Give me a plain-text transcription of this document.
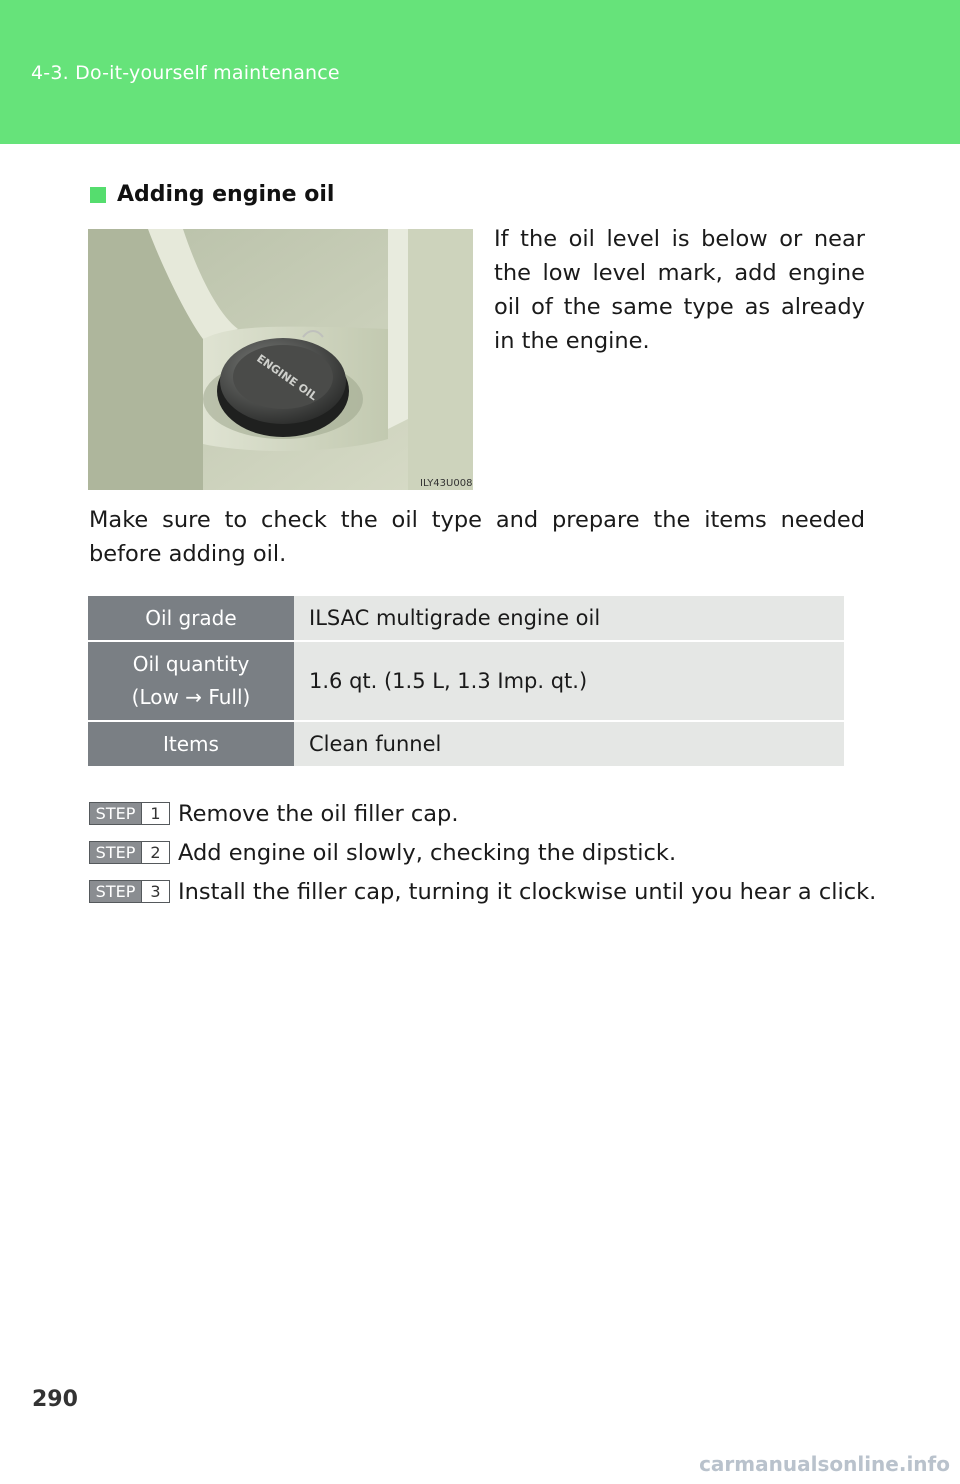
4-3. Do-it-yourself maintenance
Adding engine oil
ENGINE OIL
ILY43U008
If the oil level is below or near the low level mark, add engine oil of the same type as already in the engine.
Make sure to check the oil type and prepare the items needed before adding oil.
Oil grade	ILSAC multigrade engine oil
Oil quantity
(Low → Full)	1.6 qt. (1.5 L, 1.3 Imp. qt.)
Items	Clean funnel
STEP 1 Remove the oil filler cap.
STEP 2 Add engine oil slowly, checking the dipstick.
STEP 3 Install the filler cap, turning it clockwise until you hear a click.
290
carmanualsonline.info
